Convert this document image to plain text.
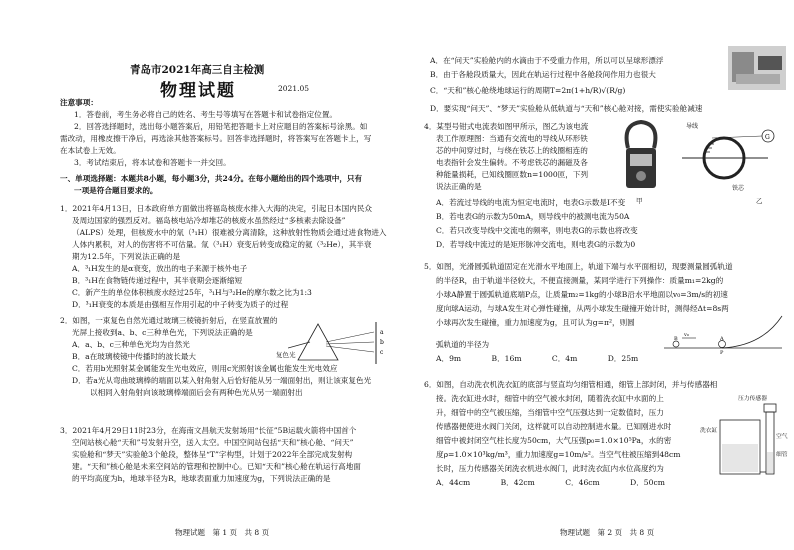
青岛市2021年高三自主检测
物理试题	2021.05
注意事项：
1．答卷前，考生务必将自己的姓名、考生号等填写在答题卡和试卷指定位置。
2．回答选择题时，选出每小题答案后，用铅笔把答题卡上对应题目的答案标号涂黑。如
需改动，用橡皮擦干净后，再选涂其他答案标号。回答非选择题时，将答案写在答题卡上，写
在本试卷上无效。
3．考试结束后，将本试卷和答题卡一并交回。
一、单项选择题：本题共8小题，每小题3分，共24分。在每小题给出的四个选项中，只有
一项是符合题目要求的。
1．2021年4月13日，日本政府单方面做出将福岛核废水排入大海的决定，引起日本国内民众
及周边国家的强烈反对。福岛核电站冷却堆芯的核废水虽然经过“多核素去除设备”
（ALPS）处理，但核废水中的氚（³₁H）很难被分离清除，这种放射性物质会通过进食物进入
人体内累积，对人的伤害将不可估量。氚（³₁H）衰变后转变成稳定的氦（³₂He），其半衰
期为12.5年，下列说法正确的是
A．³₁H发生的是α衰变，放出的电子来源于核外电子
B．³₁H在食物链传递过程中，其半衰期会逐渐缩短
C．新产生的单位体积核废水经过25年，³₁H与³₂He的摩尔数之比为1:3
D．³₁H衰变的本质是由强相互作用引起的中子转变为质子的过程
2．如图，一束复色自然光通过玻璃三棱镜折射后，在竖直放置的
光屏上接收到a、b、c三种单色光，下列说法正确的是
A．a、b、c三种单色光均为自然光
B．a在玻璃棱镜中传播时的波长最大
C．若用b光照射某金属能发生光电效应，则用c光照射该金属也能发生光电效应
D．若a光从弯曲玻璃棒的端面以某入射角射入后恰好能从另一端面射出，则让该束复色光
以相同入射角射向该玻璃棒端面后会有两种色光从另一端面射出
a
b
c
复色光
3．2021年4月29日11时23分，在海南文昌航天发射场用“长征”5B运载火箭将中国首个
空间站核心舱“天和”号发射升空，送入太空。中国空间站包括“天和”核心舱、“问天”
实验舱和“梦天”实验舱3个舱段，整体呈“T”字构型，计划于2022年全部完成发射构
建。“天和”核心舱是未来空间站的管理和控制中心。已知“天和”核心舱在轨运行高地面
的平均高度为h，地球半径为R，地球表面重力加速度为g，下列说法正确的是
物理试题　第 1 页　共 8 页
A．在“问天”实验舱内的水滴由于不受重力作用，所以可以呈球形漂浮
B．由于各舱段质量大，因此在轨运行过程中各舱段间作用力也很大
C．“天和”核心舱绕地球运行的周期T=2π(1+h/R)√(R/g)
D．要实现“问天”、“梦天”实验舱从低轨道与“天和”核心舱对接，需使实验舱减速
4．某型号钳式电流表如图甲所示，图乙为该电流
表工作原理图：当通有交流电的导线从环形铁
芯的中间穿过时，与绕在铁芯上的线圈相连的
电表指针会发生偏转。不考虑铁芯的漏磁及各
种能量损耗，已知线圈匝数n=1000匝，下列
说法正确的是
A．若流过导线的电流为恒定电流时，电表G示数是I不变
B．若电表G的示数为50mA，则导线中的被测电流为50A
C．若只改变导线中交流电的频率，则电表G的示数也将改变
D．若导线中流过的是矩形脉冲交流电，则电表G的示数为0
甲
G
导线
铁芯
乙
5．如图，光滑圆弧轨道固定在光滑水平地面上，轨道下端与水平面相切，现要测量圆弧轨道
的半径R，由于轨道半径较大，不便直接测量，某同学进行下列操作：质量m₁=2kg的
小球A静置于圆弧轨道底端P点，让质量m₂=1kg的小球B沿水平地面以v₀=3m/s的初速
度向球A运动，与球A发生对心弹性碰撞，从两小球发生碰撞开始计时，测得经Δt=8s两
小球再次发生碰撞，重力加速度为g，且可认为g=π²，则圆
弧轨道的半径为
A．9m　　　　B．16m　　　　C．4m　　　　D．25m
v₀
B	A
P
6．如图，自动洗衣机洗衣缸的底部与竖直均匀细管相通，细管上部封闭，并与传感器相
接。洗衣缸进水时，细管中的空气被水封闭，随着洗衣缸中水面的上
升，细管中的空气被压缩，当细管中空气压强达到一定数值时，压力
传感器便使进水阀门关闭，这样就可以自动控制进水量。已知刚进水时
细管中被封闭空气柱长度为50cm，大气压强p₀=1.0×10⁵Pa，水的密
度ρ=1.0×10³kg/m³，重力加速度g=10m/s²。当空气柱被压缩到48cm
长时，压力传感器关闭洗衣机进水阀门，此时洗衣缸内水位高度约为
A．44cm　　　　B．42cm　　　　C．46cm　　　　D．50cm
压力传感器
洗衣缸
空气
细管
物理试题　第 2 页　共 8 页
